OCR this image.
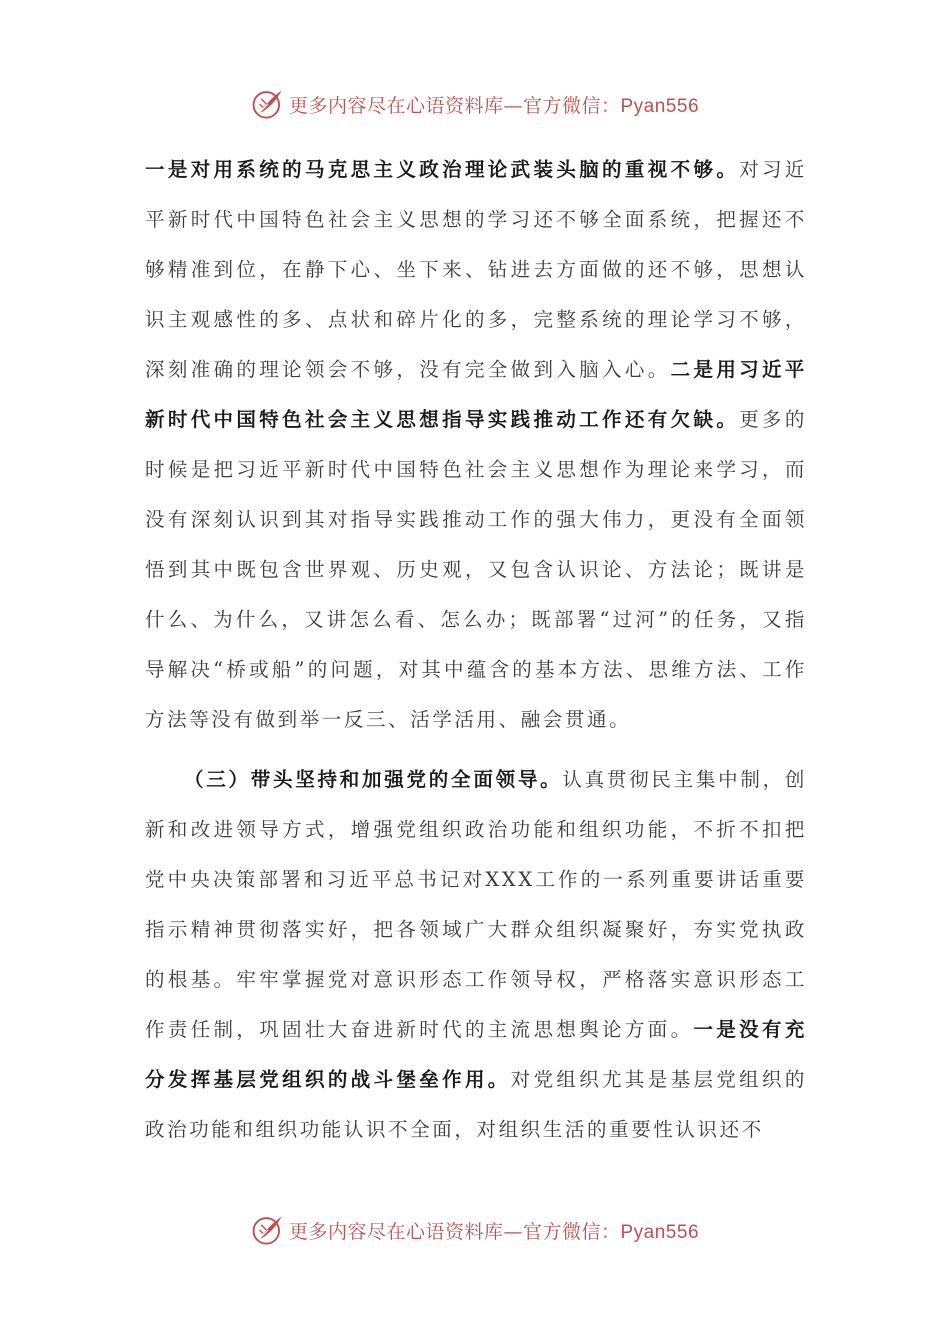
更多内容尽在心语资料库—官方微信：Pyan556

一是对用系统的马克思主义政治理论武装头脑的重视不够。对习近平新时代中国特色社会主义思想的学习还不够全面系统，把握还不够精准到位，在静下心、坐下来、钻进去方面做的还不够，思想认识主观感性的多、点状和碎片化的多，完整系统的理论学习不够，深刻准确的理论领会不够，没有完全做到入脑入心。二是用习近平新时代中国特色社会主义思想指导实践推动工作还有欠缺。更多的时候是把习近平新时代中国特色社会主义思想作为理论来学习，而没有深刻认识到其对指导实践推动工作的强大伟力，更没有全面领悟到其中既包含世界观、历史观，又包含认识论、方法论；既讲是什么、为什么，又讲怎么看、怎么办；既部署“过河”的任务，又指导解决“桥或船”的问题，对其中蕴含的基本方法、思维方法、工作方法等没有做到举一反三、活学活用、融会贯通。

（三）带头坚持和加强党的全面领导。认真贯彻民主集中制，创新和改进领导方式，增强党组织政治功能和组织功能，不折不扣把党中央决策部署和习近平总书记对XXX工作的一系列重要讲话重要指示精神贯彻落实好，把各领域广大群众组织凝聚好，夯实党执政的根基。牢牢掌握党对意识形态工作领导权，严格落实意识形态工作责任制，巩固壮大奋进新时代的主流思想舆论方面。一是没有充分发挥基层党组织的战斗堡垒作用。对党组织尤其是基层党组织的政治功能和组织功能认识不全面，对组织生活的重要性认识还不

更多内容尽在心语资料库—官方微信：Pyan556
